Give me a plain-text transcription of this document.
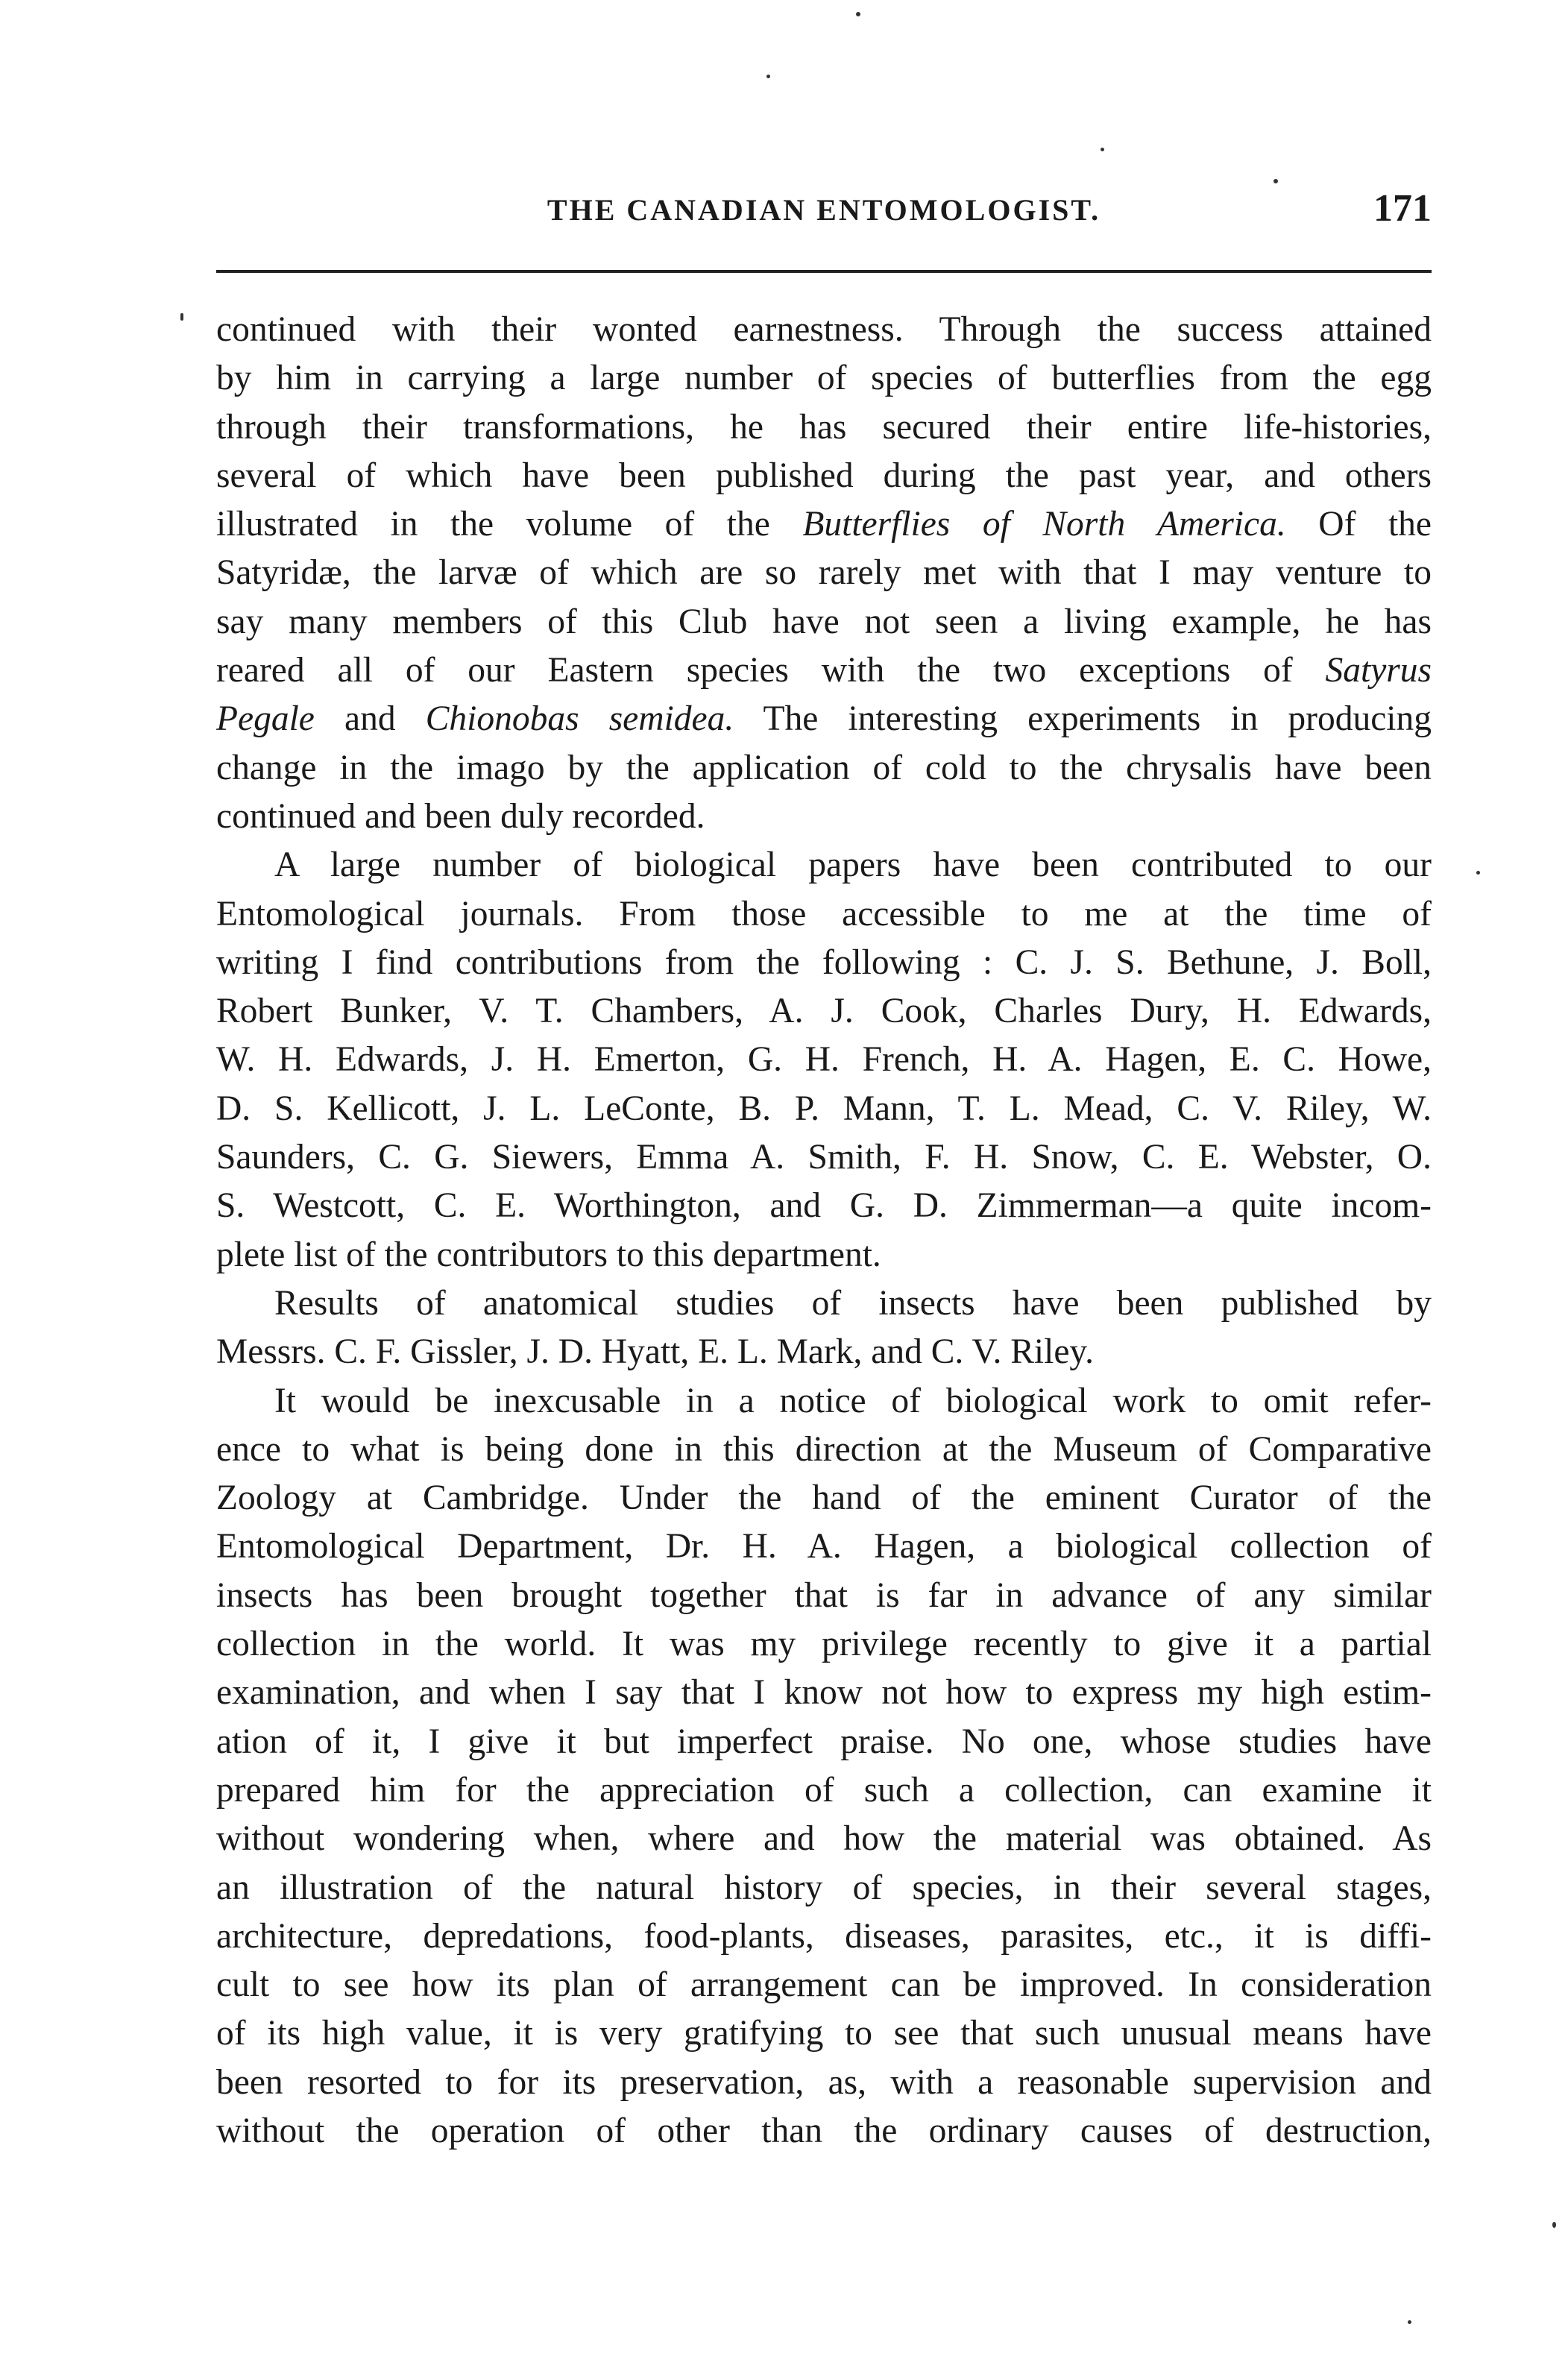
THE CANADIAN ENTOMOLOGIST.	171
continued with their wonted earnestness. Through the success attained
by him in carrying a large number of species of butterflies from the egg
through their transformations, he has secured their entire life-histories,
several of which have been published during the past year, and others
illustrated in the volume of the Butterflies of North America. Of the
Satyridæ, the larvæ of which are so rarely met with that I may venture to
say many members of this Club have not seen a living example, he has
reared all of our Eastern species with the two exceptions of Satyrus
Pegale and Chionobas semidea. The interesting experiments in producing
change in the imago by the application of cold to the chrysalis have been
continued and been duly recorded.
A large number of biological papers have been contributed to our
Entomological journals. From those accessible to me at the time of
writing I find contributions from the following : C. J. S. Bethune, J. Boll,
Robert Bunker, V. T. Chambers, A. J. Cook, Charles Dury, H. Edwards,
W. H. Edwards, J. H. Emerton, G. H. French, H. A. Hagen, E. C. Howe,
D. S. Kellicott, J. L. LeConte, B. P. Mann, T. L. Mead, C. V. Riley, W.
Saunders, C. G. Siewers, Emma A. Smith, F. H. Snow, C. E. Webster, O.
S. Westcott, C. E. Worthington, and G. D. Zimmerman—a quite incom-
plete list of the contributors to this department.
Results of anatomical studies of insects have been published by
Messrs. C. F. Gissler, J. D. Hyatt, E. L. Mark, and C. V. Riley.
It would be inexcusable in a notice of biological work to omit refer-
ence to what is being done in this direction at the Museum of Comparative
Zoology at Cambridge. Under the hand of the eminent Curator of the
Entomological Department, Dr. H. A. Hagen, a biological collection of
insects has been brought together that is far in advance of any similar
collection in the world. It was my privilege recently to give it a partial
examination, and when I say that I know not how to express my high estim-
ation of it, I give it but imperfect praise. No one, whose studies have
prepared him for the appreciation of such a collection, can examine it
without wondering when, where and how the material was obtained. As
an illustration of the natural history of species, in their several stages,
architecture, depredations, food-plants, diseases, parasites, etc., it is diffi-
cult to see how its plan of arrangement can be improved. In consideration
of its high value, it is very gratifying to see that such unusual means have
been resorted to for its preservation, as, with a reasonable supervision and
without the operation of other than the ordinary causes of destruction,
